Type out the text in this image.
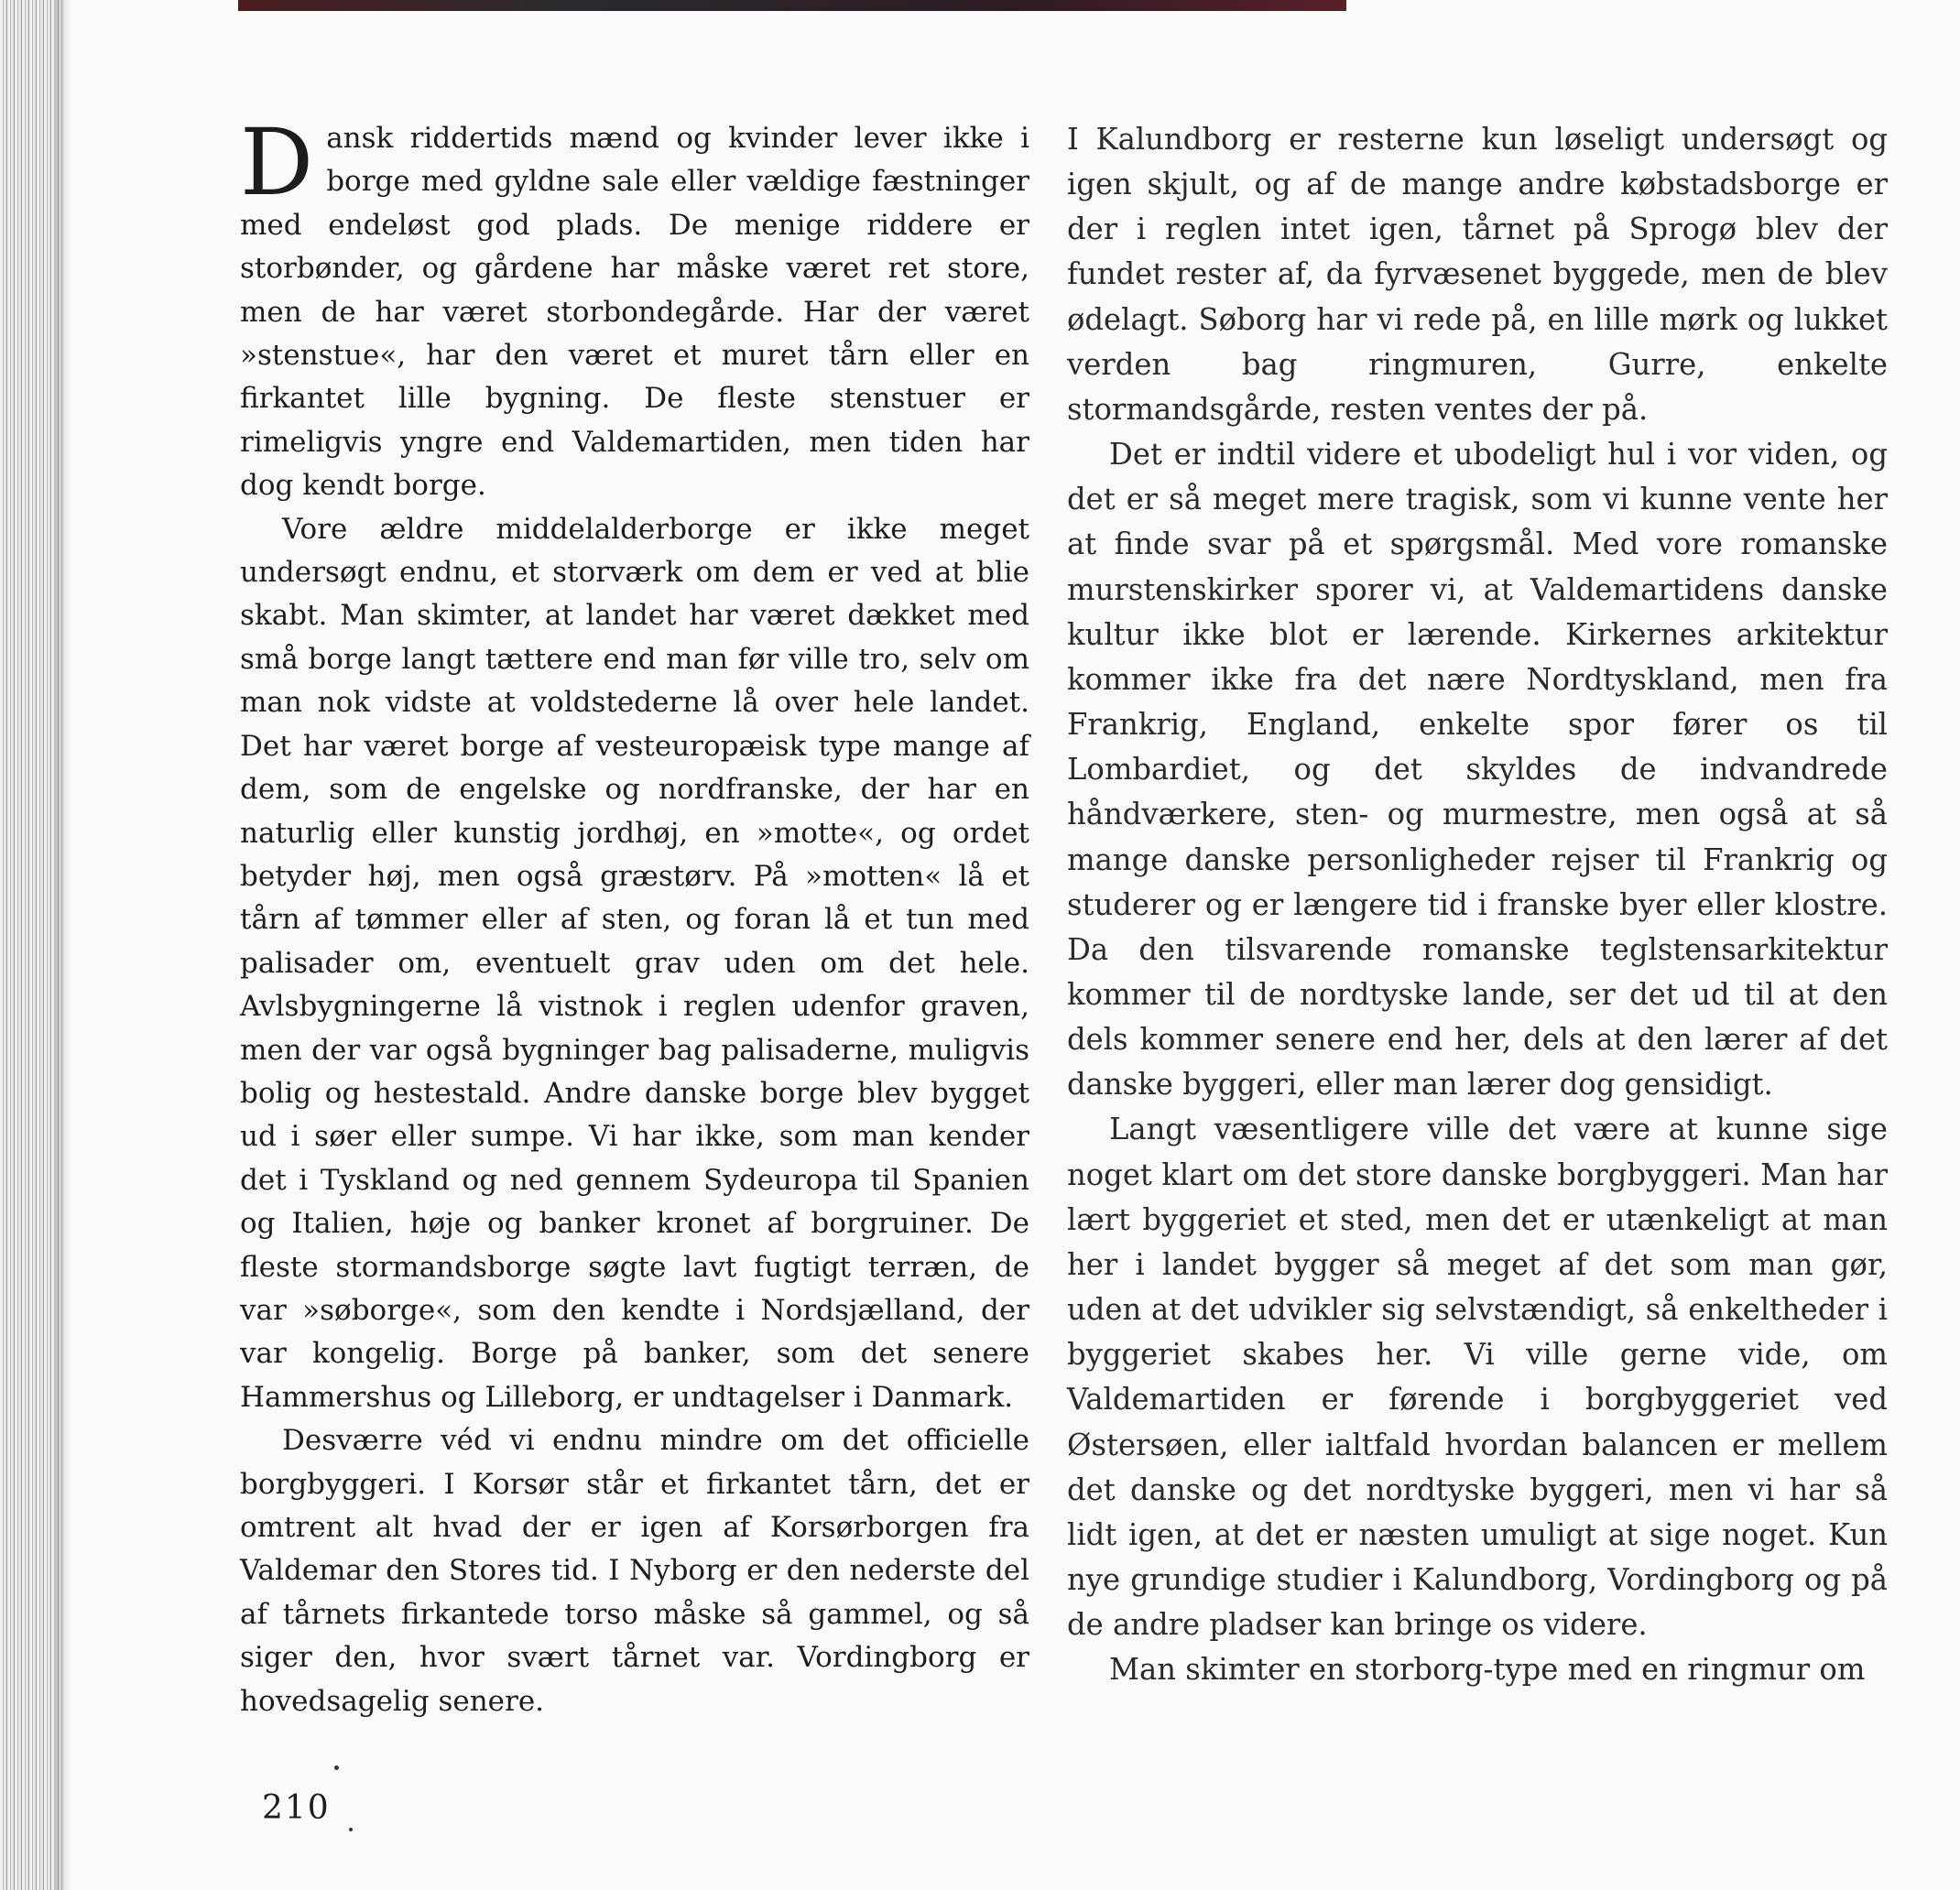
Dansk riddertids mænd og kvinder lever ikke i borge med gyldne sale eller vældige fæstninger med endeløst god plads. De menige riddere er storbønder, og gårdene har måske været ret store, men de har været storbondegårde. Har der været »stenstue«, har den været et muret tårn eller en firkantet lille bygning. De fleste stenstuer er rimeligvis yngre end Valdemartiden, men tiden har dog kendt borge.

Vore ældre middelalderborge er ikke meget undersøgt endnu, et storværk om dem er ved at blie skabt. Man skimter, at landet har været dækket med små borge langt tættere end man før ville tro, selv om man nok vidste at voldstederne lå over hele landet. Det har været borge af vesteuropæisk type mange af dem, som de engelske og nordfranske, der har en naturlig eller kunstig jordhøj, en »motte«, og ordet betyder høj, men også græstørv. På »motten« lå et tårn af tømmer eller af sten, og foran lå et tun med palisader om, eventuelt grav uden om det hele. Avlsbygningerne lå vistnok i reglen udenfor graven, men der var også bygninger bag palisaderne, muligvis bolig og hestestald. Andre danske borge blev bygget ud i søer eller sumpe. Vi har ikke, som man kender det i Tyskland og ned gennem Sydeuropa til Spanien og Italien, høje og banker kronet af borgruiner. De fleste stormandsborge søgte lavt fugtigt terræn, de var »søborge«, som den kendte i Nordsjælland, der var kongelig. Borge på banker, som det senere Hammershus og Lilleborg, er undtagelser i Danmark.

Desværre véd vi endnu mindre om det officielle borgbyggeri. I Korsør står et firkantet tårn, det er omtrent alt hvad der er igen af Korsørborgen fra Valdemar den Stores tid. I Nyborg er den nederste del af tårnets firkantede torso måske så gammel, og så siger den, hvor svært tårnet var. Vordingborg er hovedsagelig senere.

I Kalundborg er resterne kun løseligt undersøgt og igen skjult, og af de mange andre købstadsborge er der i reglen intet igen, tårnet på Sprogø blev der fundet rester af, da fyrvæsenet byggede, men de blev ødelagt. Søborg har vi rede på, en lille mørk og lukket verden bag ringmuren, Gurre, enkelte stormandsgårde, resten ventes der på.

Det er indtil videre et ubodeligt hul i vor viden, og det er så meget mere tragisk, som vi kunne vente her at finde svar på et spørgsmål. Med vore romanske murstenskirker sporer vi, at Valdemartidens danske kultur ikke blot er lærende. Kirkernes arkitektur kommer ikke fra det nære Nordtyskland, men fra Frankrig, England, enkelte spor fører os til Lombardiet, og det skyldes de indvandrede håndværkere, sten- og murmestre, men også at så mange danske personligheder rejser til Frankrig og studerer og er længere tid i franske byer eller klostre. Da den tilsvarende romanske teglstensarkitektur kommer til de nordtyske lande, ser det ud til at den dels kommer senere end her, dels at den lærer af det danske byggeri, eller man lærer dog gensidigt.

Langt væsentligere ville det være at kunne sige noget klart om det store danske borgbyggeri. Man har lært byggeriet et sted, men det er utænkeligt at man her i landet bygger så meget af det som man gør, uden at det udvikler sig selvstændigt, så enkeltheder i byggeriet skabes her. Vi ville gerne vide, om Valdemartiden er førende i borgbyggeriet ved Østersøen, eller ialtfald hvordan balancen er mellem det danske og det nordtyske byggeri, men vi har så lidt igen, at det er næsten umuligt at sige noget. Kun nye grundige studier i Kalundborg, Vordingborg og på de andre pladser kan bringe os videre.

Man skimter en storborg-type med en ringmur om

210
